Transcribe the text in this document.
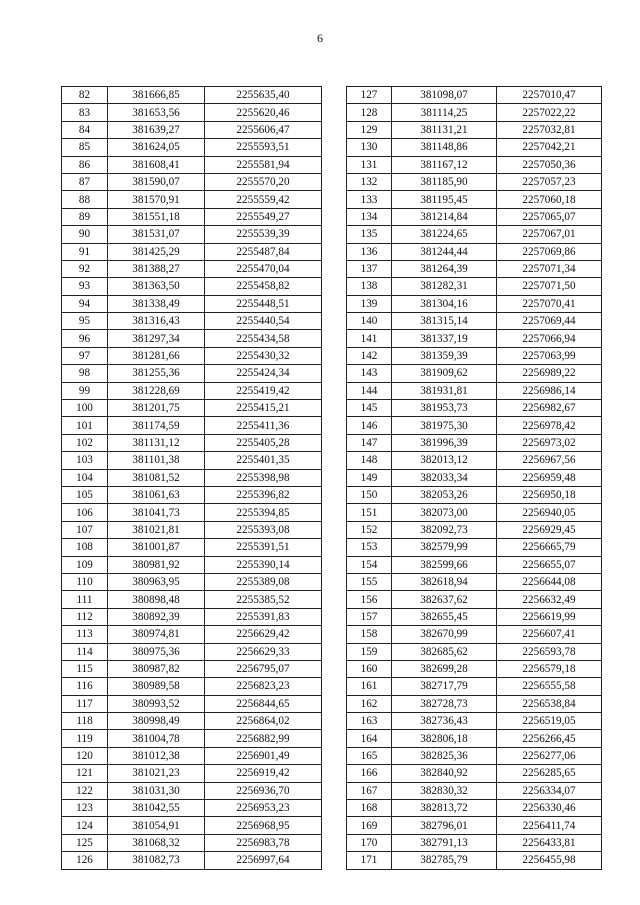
6
82	381666,85	2255635,40
83	381653,56	2255620,46
84	381639,27	2255606,47
85	381624,05	2255593,51
86	381608,41	2255581,94
87	381590,07	2255570,20
88	381570,91	2255559,42
89	381551,18	2255549,27
90	381531,07	2255539,39
91	381425,29	2255487,84
92	381388,27	2255470,04
93	381363,50	2255458,82
94	381338,49	2255448,51
95	381316,43	2255440,54
96	381297,34	2255434,58
97	381281,66	2255430,32
98	381255,36	2255424,34
99	381228,69	2255419,42
100	381201,75	2255415,21
101	381174,59	2255411,36
102	381131,12	2255405,28
103	381101,38	2255401,35
104	381081,52	2255398,98
105	381061,63	2255396,82
106	381041,73	2255394,85
107	381021,81	2255393,08
108	381001,87	2255391,51
109	380981,92	2255390,14
110	380963,95	2255389,08
111	380898,48	2255385,52
112	380892,39	2255391,83
113	380974,81	2256629,42
114	380975,36	2256629,33
115	380987,82	2256795,07
116	380989,58	2256823,23
117	380993,52	2256844,65
118	380998,49	2256864,02
119	381004,78	2256882,99
120	381012,38	2256901,49
121	381021,23	2256919,42
122	381031,30	2256936,70
123	381042,55	2256953,23
124	381054,91	2256968,95
125	381068,32	2256983,78
126	381082,73	2256997,64
127	381098,07	2257010,47
128	381114,25	2257022,22
129	381131,21	2257032,81
130	381148,86	2257042,21
131	381167,12	2257050,36
132	381185,90	2257057,23
133	381195,45	2257060,18
134	381214,84	2257065,07
135	381224,65	2257067,01
136	381244,44	2257069,86
137	381264,39	2257071,34
138	381282,31	2257071,50
139	381304,16	2257070,41
140	381315,14	2257069,44
141	381337,19	2257066,94
142	381359,39	2257063,99
143	381909,62	2256989,22
144	381931,81	2256986,14
145	381953,73	2256982,67
146	381975,30	2256978,42
147	381996,39	2256973,02
148	382013,12	2256967,56
149	382033,34	2256959,48
150	382053,26	2256950,18
151	382073,00	2256940,05
152	382092,73	2256929,45
153	382579,99	2256665,79
154	382599,66	2256655,07
155	382618,94	2256644,08
156	382637,62	2256632,49
157	382655,45	2256619,99
158	382670,99	2256607,41
159	382685,62	2256593,78
160	382699,28	2256579,18
161	382717,79	2256555,58
162	382728,73	2256538,84
163	382736,43	2256519,05
164	382806,18	2256266,45
165	382825,36	2256277,06
166	382840,92	2256285,65
167	382830,32	2256334,07
168	382813,72	2256330,46
169	382796,01	2256411,74
170	382791,13	2256433,81
171	382785,79	2256455,98
